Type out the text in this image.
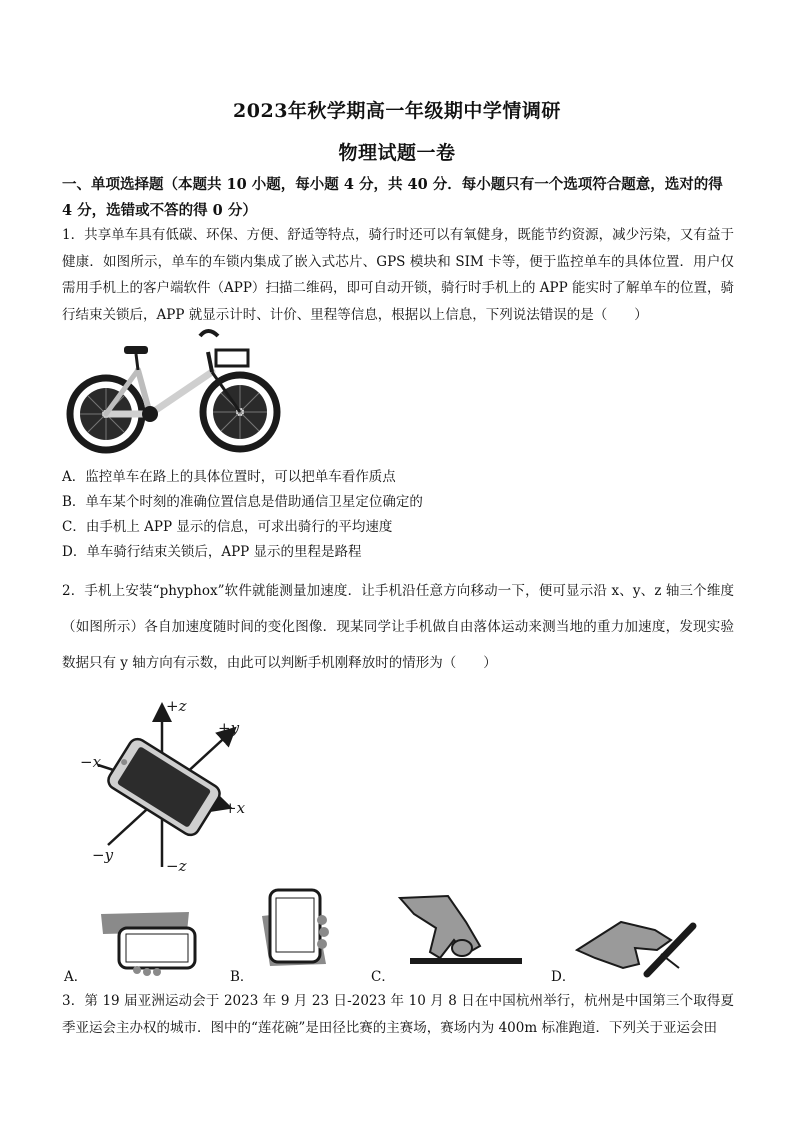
2023年秋学期高一年级期中学情调研
物理试题一卷
一、单项选择题（本题共 10 小题，每小题 4 分，共 40 分．每小题只有一个选项符合题意，选对的得 4 分，选错或不答的得 0 分）
1．共享单车具有低碳、环保、方便、舒适等特点，骑行时还可以有氧健身，既能节约资源，减少污染，又有益于健康．如图所示，单车的车锁内集成了嵌入式芯片、GPS 模块和 SIM 卡等，便于监控单车的具体位置．用户仅需用手机上的客户端软件（APP）扫描二维码，即可自动开锁，骑行时手机上的 APP 能实时了解单车的位置，骑行结束关锁后，APP 就显示计时、计价、里程等信息，根据以上信息，下列说法错误的是（　　）
A．监控单车在路上的具体位置时，可以把单车看作质点
B．单车某个时刻的准确位置信息是借助通信卫星定位确定的
C．由手机上 APP 显示的信息，可求出骑行的平均速度
D．单车骑行结束关锁后，APP 显示的里程是路程
2．手机上安装“phyphox”软件就能测量加速度．让手机沿任意方向移动一下，便可显示沿 x、y、z 轴三个维度（如图所示）各自加速度随时间的变化图像．现某同学让手机做自由落体运动来测当地的重力加速度，发现实验数据只有 y 轴方向有示数，由此可以判断手机刚释放时的情形为（　　）
+z
+y
−x
+x
−y
−z
A．	B．	C．	D．
3．第 19 届亚洲运动会于 2023 年 9 月 23 日-2023 年 10 月 8 日在中国杭州举行，杭州是中国第三个取得夏季亚运会主办权的城市．图中的“莲花碗”是田径比赛的主赛场，赛场内为 400m 标准跑道．下列关于亚运会田
